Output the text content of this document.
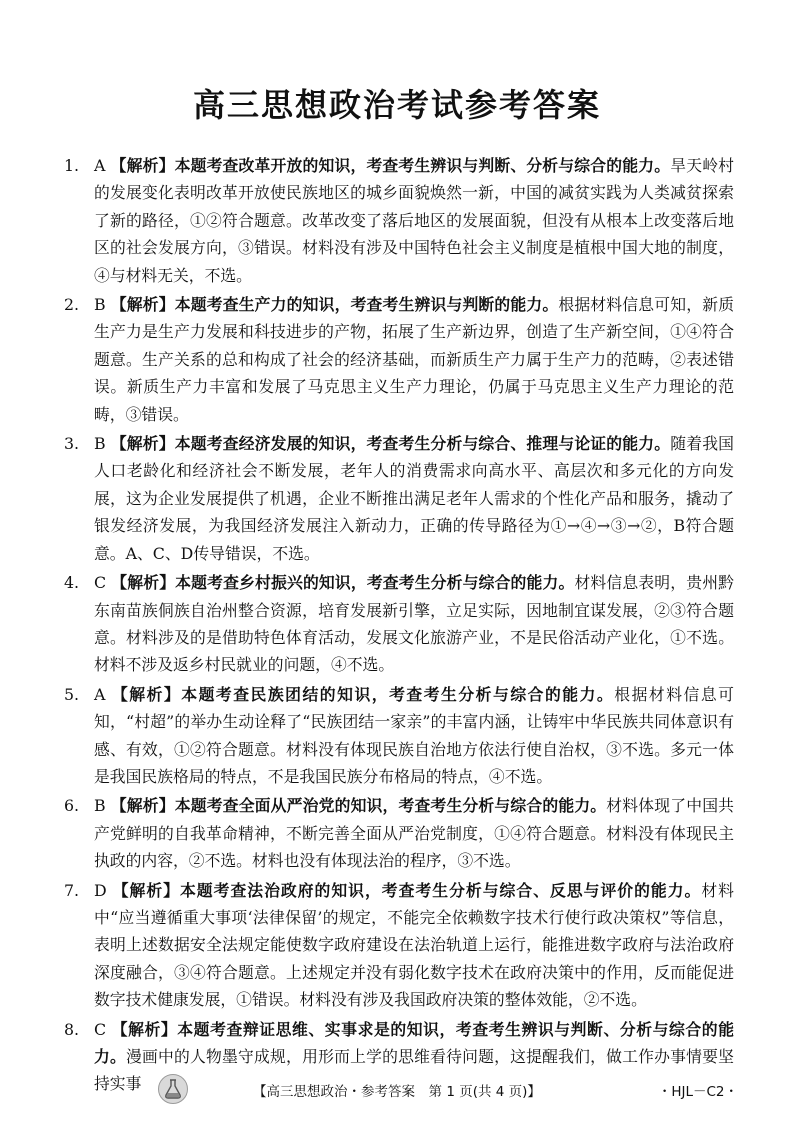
高三思想政治考试参考答案

1. A 【解析】本题考查改革开放的知识，考查考生辨识与判断、分析与综合的能力。旱天岭村的发展变化表明改革开放使民族地区的城乡面貌焕然一新，中国的减贫实践为人类减贫探索了新的路径，①②符合题意。改革改变了落后地区的发展面貌，但没有从根本上改变落后地区的社会发展方向，③错误。材料没有涉及中国特色社会主义制度是植根中国大地的制度，④与材料无关，不选。

2. B 【解析】本题考查生产力的知识，考查考生辨识与判断的能力。根据材料信息可知，新质生产力是生产力发展和科技进步的产物，拓展了生产新边界，创造了生产新空间，①④符合题意。生产关系的总和构成了社会的经济基础，而新质生产力属于生产力的范畴，②表述错误。新质生产力丰富和发展了马克思主义生产力理论，仍属于马克思主义生产力理论的范畴，③错误。

3. B 【解析】本题考查经济发展的知识，考查考生分析与综合、推理与论证的能力。随着我国人口老龄化和经济社会不断发展，老年人的消费需求向高水平、高层次和多元化的方向发展，这为企业发展提供了机遇，企业不断推出满足老年人需求的个性化产品和服务，撬动了银发经济发展，为我国经济发展注入新动力，正确的传导路径为①→④→③→②，B符合题意。A、C、D传导错误，不选。

4. C 【解析】本题考查乡村振兴的知识，考查考生分析与综合的能力。材料信息表明，贵州黔东南苗族侗族自治州整合资源，培育发展新引擎，立足实际，因地制宜谋发展，②③符合题意。材料涉及的是借助特色体育活动，发展文化旅游产业，不是民俗活动产业化，①不选。材料不涉及返乡村民就业的问题，④不选。

5. A 【解析】本题考查民族团结的知识，考查考生分析与综合的能力。根据材料信息可知，“村超”的举办生动诠释了“民族团结一家亲”的丰富内涵，让铸牢中华民族共同体意识有感、有效，①②符合题意。材料没有体现民族自治地方依法行使自治权，③不选。多元一体是我国民族格局的特点，不是我国民族分布格局的特点，④不选。

6. B 【解析】本题考查全面从严治党的知识，考查考生分析与综合的能力。材料体现了中国共产党鲜明的自我革命精神，不断完善全面从严治党制度，①④符合题意。材料没有体现民主执政的内容，②不选。材料也没有体现法治的程序，③不选。

7. D 【解析】本题考查法治政府的知识，考查考生分析与综合、反思与评价的能力。材料中“应当遵循重大事项‘法律保留’的规定，不能完全依赖数字技术行使行政决策权”等信息，表明上述数据安全法规定能使数字政府建设在法治轨道上运行，能推进数字政府与法治政府深度融合，③④符合题意。上述规定并没有弱化数字技术在政府决策中的作用，反而能促进数字技术健康发展，①错误。材料没有涉及我国政府决策的整体效能，②不选。

8. C 【解析】本题考查辩证思维、实事求是的知识，考查考生辨识与判断、分析与综合的能力。漫画中的人物墨守成规，用形而上学的思维看待问题，这提醒我们，做工作办事情要坚持实事	【高三思想政治・参考答案　第 1 页(共 4 页)】	・HJL－C2・
